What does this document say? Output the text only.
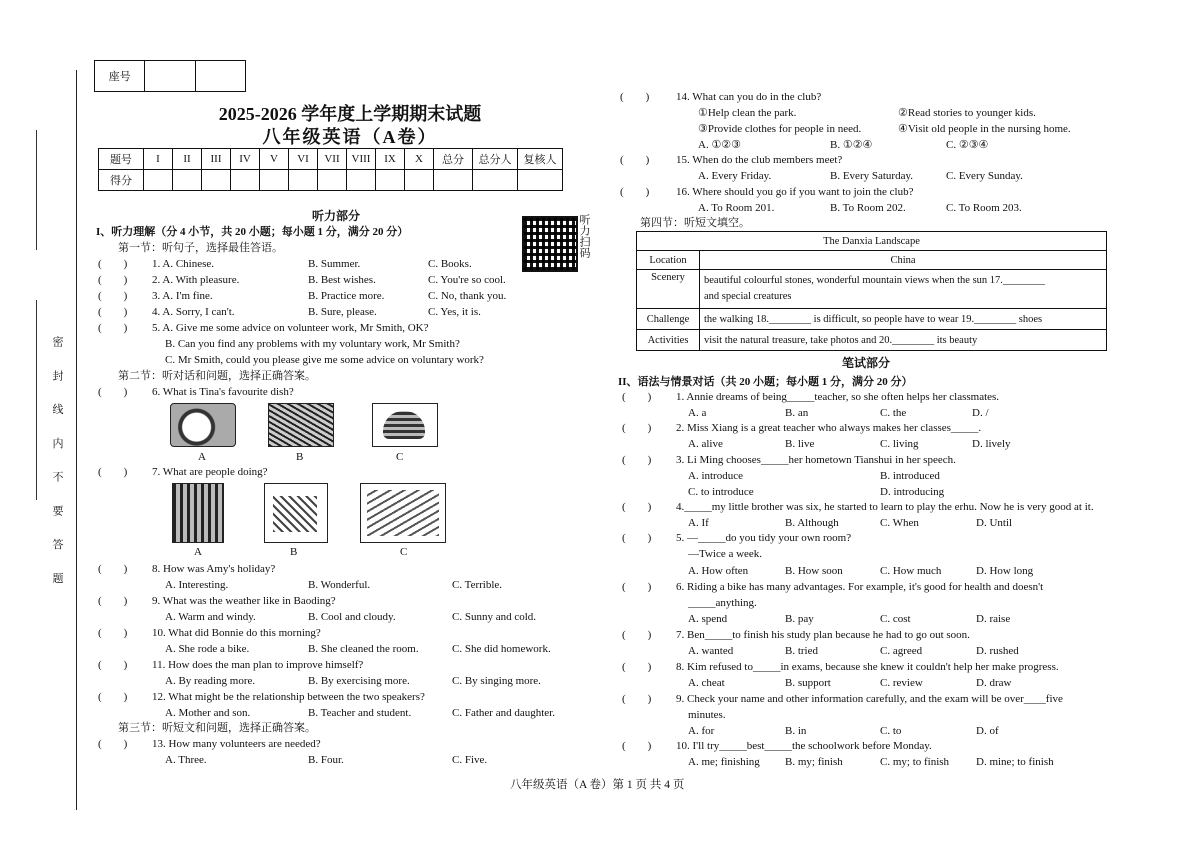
密 封 线 内 不 要 答 题
座号
2025-2026 学年度上学期期末试题
八年级英语（A卷）
题号	I	II	III	IV	V	VI	VII	VIII	IX	X	总分	总分人	复核人
得分													
听力部分	听力扫码
I、听力理解（分 4 小节，共 20 小题；每小题 1 分，满分 20 分）
第一节：听句子，选择最佳答语。
(　　) 1. A. Chinese.	B. Summer.	C. Books.
(　　) 2. A. With pleasure.	B. Best wishes.	C. You're so cool.
(　　) 3. A. I'm fine.	B. Practice more.	C. No, thank you.
(　　) 4. A. Sorry, I can't.	B. Sure, please.	C. Yes, it is.
(　　) 5. A. Give me some advice on volunteer work, Mr Smith, OK?
B. Can you find any problems with my voluntary work, Mr Smith?
C. Mr Smith, could you please give me some advice on voluntary work?
第二节：听对话和问题，选择正确答案。
(　　) 6. What is Tina's favourite dish?
A	B	C
(　　) 7. What are people doing?
A	B	C
(　　) 8. How was Amy's holiday?
A. Interesting.	B. Wonderful.	C. Terrible.
(　　) 9. What was the weather like in Baoding?
A. Warm and windy.	B. Cool and cloudy.	C. Sunny and cold.
(　　) 10. What did Bonnie do this morning?
A. She rode a bike.	B. She cleaned the room.	C. She did homework.
(　　) 11. How does the man plan to improve himself?
A. By reading more.	B. By exercising more.	C. By singing more.
(　　) 12. What might be the relationship between the two speakers?
A. Mother and son.	B. Teacher and student.	C. Father and daughter.
第三节：听短文和问题，选择正确答案。
(　　) 13. How many volunteers are needed?
A. Three.	B. Four.	C. Five.
(　　) 14. What can you do in the club?
①Help clean the park.	②Read stories to younger kids.
③Provide clothes for people in need.	④Visit old people in the nursing home.
A. ①②③	B. ①②④	C. ②③④
(　　) 15. When do the club members meet?
A. Every Friday.	B. Every Saturday.	C. Every Sunday.
(　　) 16. Where should you go if you want to join the club?
A. To Room 201.	B. To Room 202.	C. To Room 203.
第四节：听短文填空。
The Danxia Landscape	
Location	China
Scenery	beautiful colourful stones, wonderful mountain views when the sun 17.________
and special creatures

Challenge	the walking 18.________ is difficult, so people have to wear 19.________ shoes
Activities	visit the natural treasure, take photos and 20.________ its beauty
笔试部分
II、语法与情景对话（共 20 小题；每小题 1 分，满分 20 分）
(　　) 1. Annie dreams of being_____teacher, so she often helps her classmates.
A. a	B. an	C. the	D. /
(　　) 2. Miss Xiang is a great teacher who always makes her classes_____.
A. alive	B. live	C. living	D. lively
(　　) 3. Li Ming chooses_____her hometown Tianshui in her speech.
A. introduce	B. introduced
C. to introduce	D. introducing
(　　) 4._____my little brother was six, he started to learn to play the erhu. Now he is very good at it.
A. If	B. Although	C. When	D. Until
(　　) 5. —_____do you tidy your own room?
—Twice a week.
A. How often	B. How soon	C. How much	D. How long
(　　) 6. Riding a bike has many advantages. For example, it's good for health and doesn't
_____anything.
A. spend	B. pay	C. cost	D. raise
(　　) 7. Ben_____to finish his study plan because he had to go out soon.
A. wanted	B. tried	C. agreed	D. rushed
(　　) 8. Kim refused to_____in exams, because she knew it couldn't help her make progress.
A. cheat	B. support	C. review	D. draw
(　　) 9. Check your name and other information carefully, and the exam will be over____five
minutes.
A. for	B. in	C. to	D. of
(　　) 10. I'll try_____best_____the schoolwork before Monday.
A. me; finishing B. my; finish	C. my; to finish D. mine; to finish
八年级英语（A 卷）第 1 页 共 4 页
